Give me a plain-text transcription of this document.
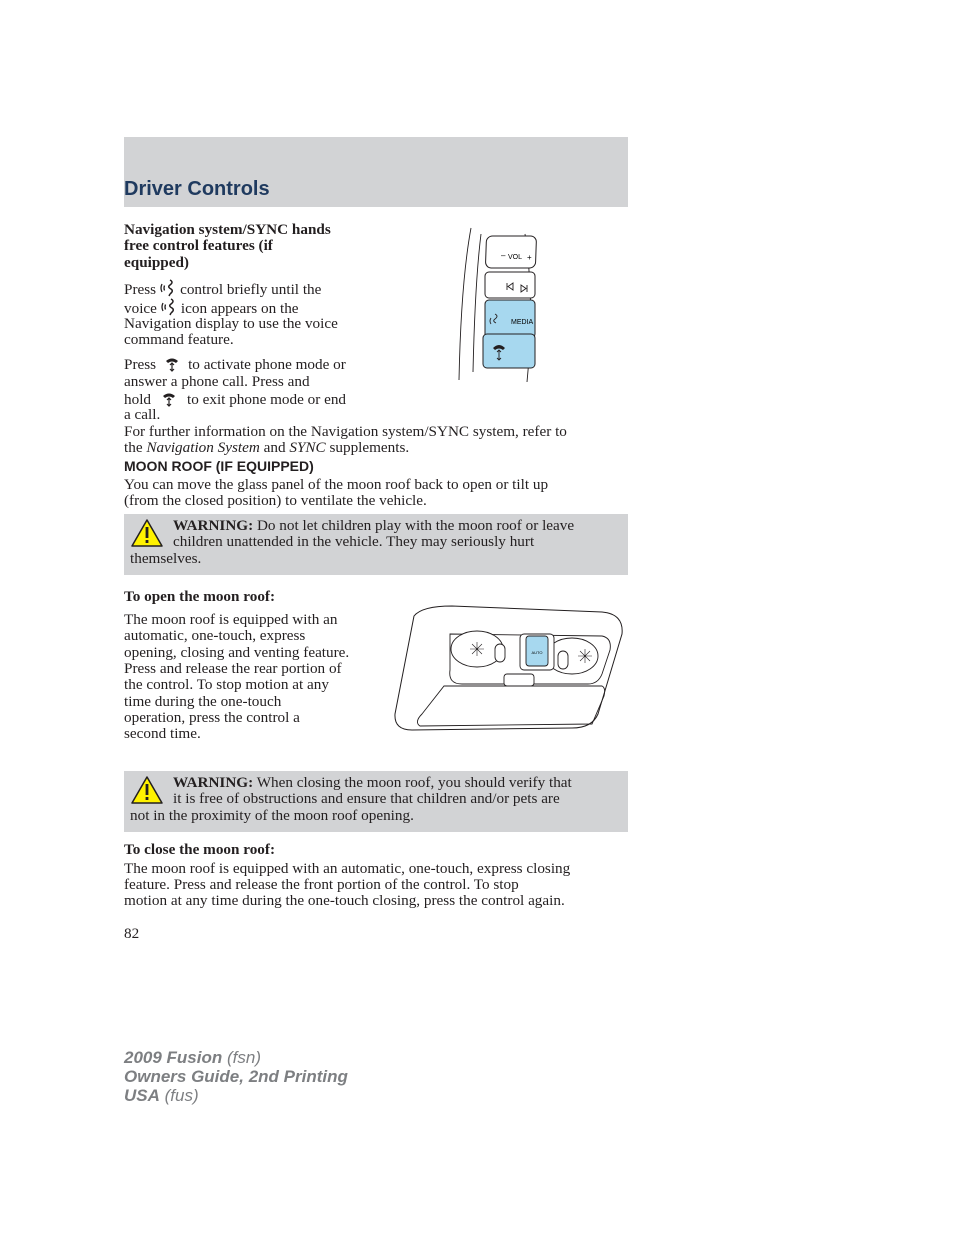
Driver Controls

Navigation system/SYNC hands

free control features (if

equipped)

Press control briefly until the

voice icon appears on the

Navigation display to use the voice

command feature.

Press to activate phone mode or

answer a phone call. Press and

hold to exit phone mode or end

a call.

For further information on the Navigation system/SYNC system, refer to

the Navigation System and SYNC supplements.

VOL
–	+
MEDIA
MOON ROOF (IF EQUIPPED)

You can move the glass panel of the moon roof back to open or tilt up

(from the closed position) to ventilate the vehicle.

WARNING: Do not let children play with the moon roof or leave

children unattended in the vehicle. They may seriously hurt

themselves.

To open the moon roof:

The moon roof is equipped with an

automatic, one-touch, express

opening, closing and venting feature.

Press and release the rear portion of

the control. To stop motion at any

time during the one-touch

operation, press the control a

second time.

AUTO

WARNING: When closing the moon roof, you should verify that

it is free of obstructions and ensure that children and/or pets are

not in the proximity of the moon roof opening.

To close the moon roof:

The moon roof is equipped with an automatic, one-touch, express closing

feature. Press and release the front portion of the control. To stop

motion at any time during the one-touch closing, press the control again.

82

2009 Fusion (fsn)
Owners Guide, 2nd Printing
USA (fus)
